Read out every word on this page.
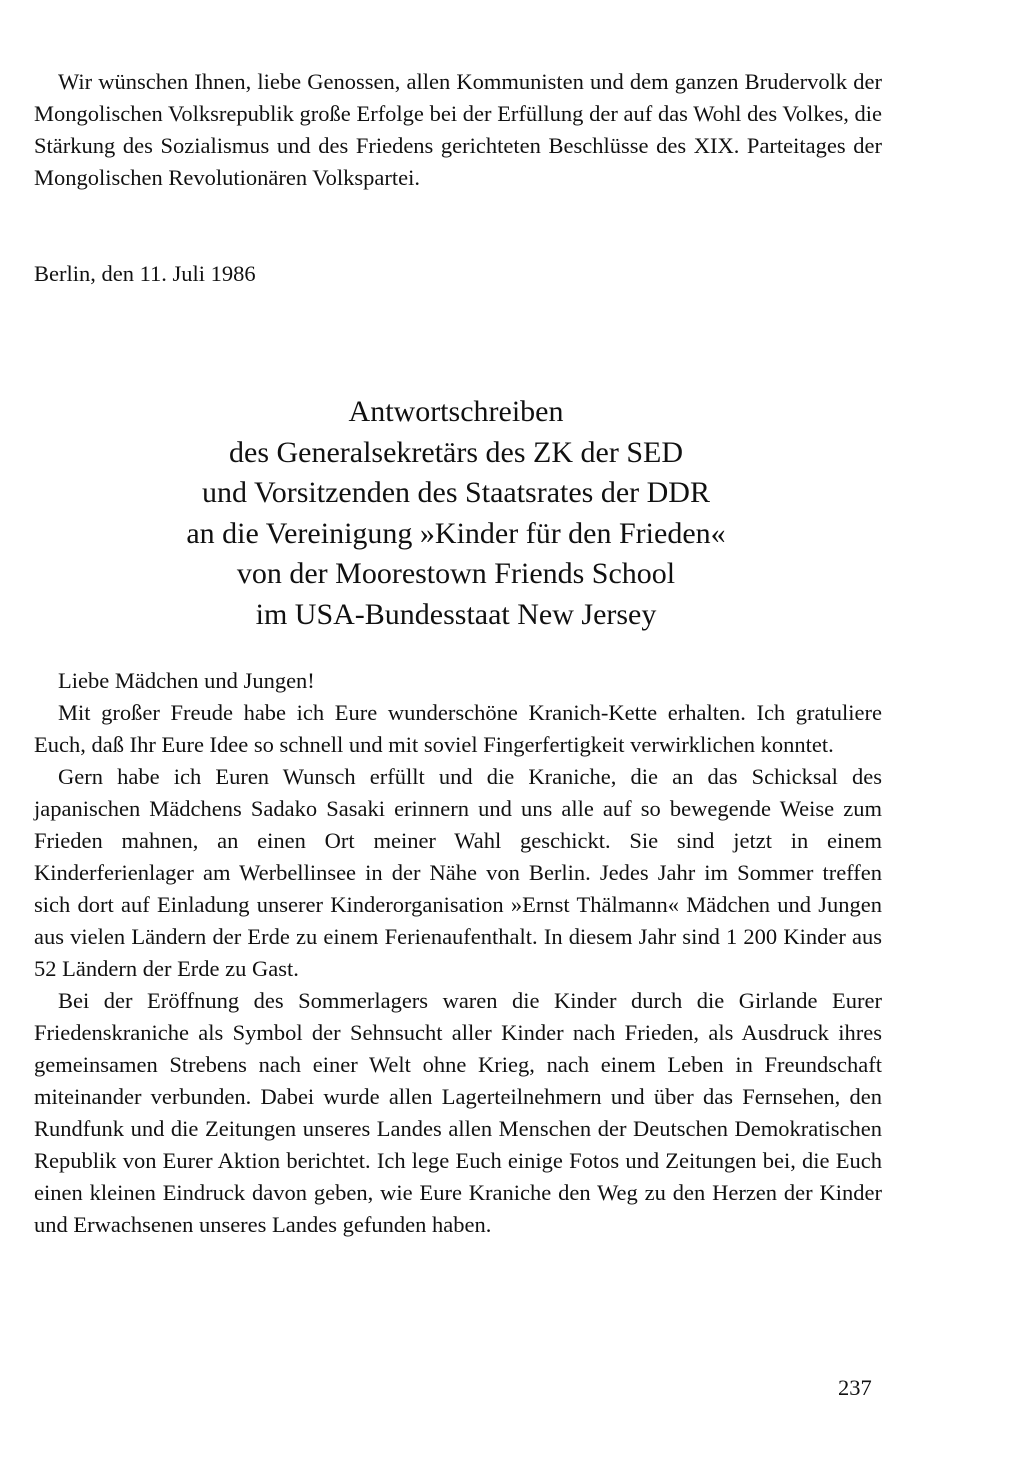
Wir wünschen Ihnen, liebe Genossen, allen Kommunisten und dem ganzen Brudervolk der Mongolischen Volksrepublik große Erfolge bei der Erfüllung der auf das Wohl des Volkes, die Stärkung des Sozialismus und des Friedens gerichteten Beschlüsse des XIX. Parteitages der Mongolischen Revolutionären Volkspartei.

Berlin, den 11. Juli 1986

Antwortschreiben
des Generalsekretärs des ZK der SED
und Vorsitzenden des Staatsrates der DDR
an die Vereinigung »Kinder für den Frieden«
von der Moorestown Friends School
im USA-Bundesstaat New Jersey

Liebe Mädchen und Jungen!

Mit großer Freude habe ich Eure wunderschöne Kranich-Kette erhalten. Ich gratuliere Euch, daß Ihr Eure Idee so schnell und mit soviel Fingerfertigkeit verwirklichen konntet.

Gern habe ich Euren Wunsch erfüllt und die Kraniche, die an das Schicksal des japanischen Mädchens Sadako Sasaki erinnern und uns alle auf so bewegende Weise zum Frieden mahnen, an einen Ort meiner Wahl geschickt. Sie sind jetzt in einem Kinderferienlager am Werbellinsee in der Nähe von Berlin. Jedes Jahr im Sommer treffen sich dort auf Einladung unserer Kinderorganisation »Ernst Thälmann« Mädchen und Jungen aus vielen Ländern der Erde zu einem Ferienaufenthalt. In diesem Jahr sind 1 200 Kinder aus 52 Ländern der Erde zu Gast.

Bei der Eröffnung des Sommerlagers waren die Kinder durch die Girlande Eurer Friedenskraniche als Symbol der Sehnsucht aller Kinder nach Frieden, als Ausdruck ihres gemeinsamen Strebens nach einer Welt ohne Krieg, nach einem Leben in Freundschaft miteinander verbunden. Dabei wurde allen Lagerteilnehmern und über das Fernsehen, den Rundfunk und die Zeitungen unseres Landes allen Menschen der Deutschen Demokratischen Republik von Eurer Aktion berichtet. Ich lege Euch einige Fotos und Zeitungen bei, die Euch einen kleinen Eindruck davon geben, wie Eure Kraniche den Weg zu den Herzen der Kinder und Erwachsenen unseres Landes gefunden haben.

237
